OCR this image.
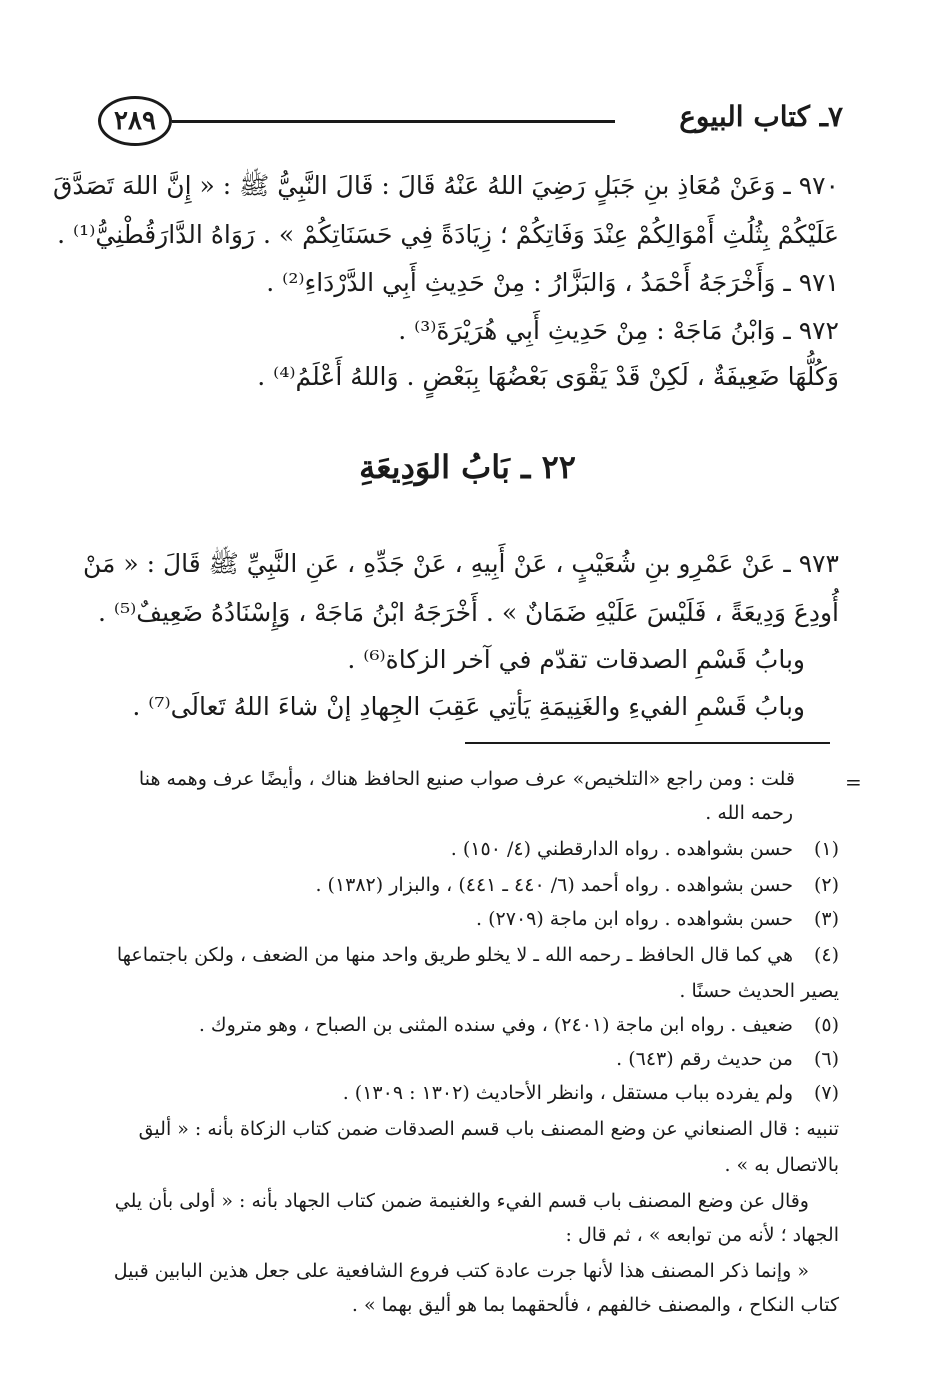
٧ـ كتاب البيوع
٢٨٩
٩٧٠ ـ وَعَنْ مُعَاذِ بنِ جَبَلٍ رَضِيَ اللهُ عَنْهُ قَالَ : قَالَ النَّبِيُّ ﷺ : « إِنَّ اللهَ تَصَدَّقَ
عَلَيْكُمْ بِثُلُثِ أَمْوَالِكُمْ عِنْدَ وَفَاتِكُمْ ؛ زِيَادَةً فِي حَسَنَاتِكُمْ » . رَوَاهُ الدَّارَقُطْنِيُّ⁽¹⁾ .
٩٧١ ـ وَأَخْرَجَهُ أَحْمَدُ ، وَالبَزَّارُ : مِنْ حَدِيثِ أَبِي الدَّرْدَاءِ⁽²⁾ .
٩٧٢ ـ وَابْنُ مَاجَهْ : مِنْ حَدِيثِ أَبِي هُرَيْرَةَ⁽³⁾ .
وَكُلُّهَا ضَعِيفَةٌ ، لَكِنْ قَدْ يَقْوَى بَعْضُهَا بِبَعْضٍ . وَاللهُ أَعْلَمُ⁽⁴⁾ .
٢٢ ـ بَابُ الوَدِيعَةِ
٩٧٣ ـ عَنْ عَمْرِو بنِ شُعَيْبٍ ، عَنْ أَبِيهِ ، عَنْ جَدِّهِ ، عَنِ النَّبِيِّ ﷺ قَالَ : « مَنْ
أُودِعَ وَدِيعَةً ، فَلَيْسَ عَلَيْهِ ضَمَانٌ » . أَخْرَجَهُ ابْنُ مَاجَهْ ، وَإِسْنَادُهُ ضَعِيفٌ⁽⁵⁾ .
وبابُ قَسْمِ الصدقات تقدّم في آخر الزكاة⁽⁶⁾ .
وبابُ قَسْمِ الفيءِ والغَنِيمَةِ يَأتِي عَقِبَ الجِهادِ إنْ شاءَ اللهُ تَعالَى⁽⁷⁾ .
=
قلت : ومن راجع «التلخيص» عرف صواب صنيع الحافظ هناك ، وأيضًا عرف وهمه هنا
رحمه الله .
(١)
حسن بشواهده . رواه الدارقطني (٤/ ١٥٠) .
(٢)
حسن بشواهده . رواه أحمد (٦/ ٤٤٠ ـ ٤٤١) ، والبزار (١٣٨٢) .
(٣)
حسن بشواهده . رواه ابن ماجة (٢٧٠٩) .
(٤)
هي كما قال الحافظ ـ رحمه الله ـ لا يخلو طريق واحد منها من الضعف ، ولكن باجتماعها
يصير الحديث حسنًا .
(٥)
ضعيف . رواه ابن ماجة (٢٤٠١) ، وفي سنده المثنى بن الصباح ، وهو متروك .
(٦)
من حديث رقم (٦٤٣) .
(٧)
ولم يفرده بباب مستقل ، وانظر الأحاديث (١٣٠٢ : ١٣٠٩) .
تنبيه : قال الصنعاني عن وضع المصنف باب قسم الصدقات ضمن كتاب الزكاة بأنه : « أليق
بالاتصال به » .
وقال عن وضع المصنف باب قسم الفيء والغنيمة ضمن كتاب الجهاد بأنه : « أولى بأن يلي
الجهاد ؛ لأنه من توابعه » ، ثم قال :
« وإنما ذكر المصنف هذا لأنها جرت عادة كتب فروع الشافعية على جعل هذين البابين قبيل
كتاب النكاح ، والمصنف خالفهم ، فألحقهما بما هو أليق بهما » .
